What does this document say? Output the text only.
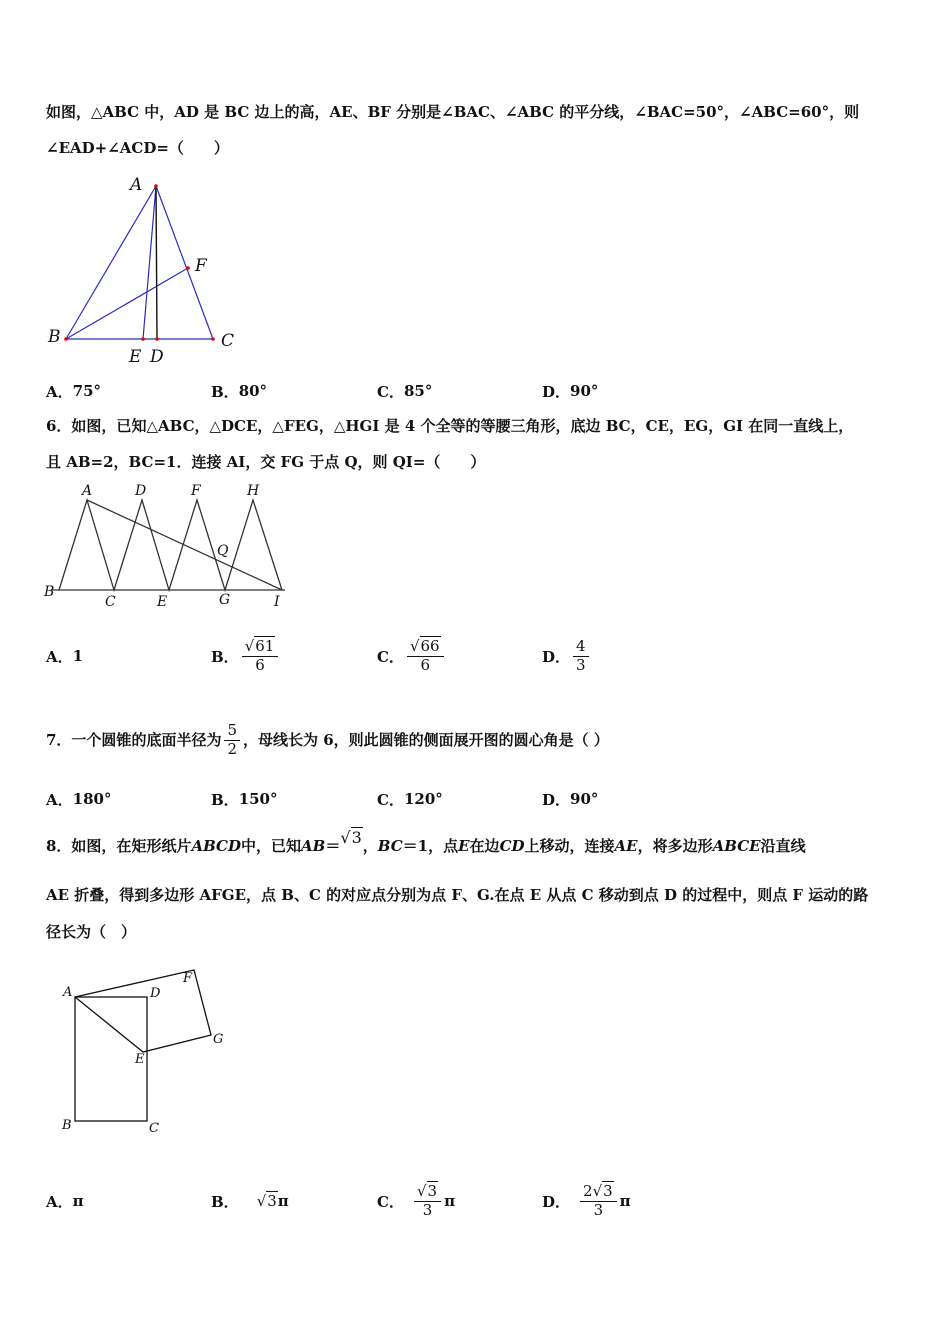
如图，△ABC 中，AD 是 BC 边上的高，AE、BF 分别是∠BAC、∠ABC 的平分线，∠BAC=50°，∠ABC=60°，则
∠EAD+∠ACD=（　　）
A
B	C
D
E
F
A． 75°	B． 80°	C． 85°	D． 90°
6．如图，已知△ABC，△DCE，△FEG，△HGI 是 4 个全等的等腰三角形，底边 BC，CE，EG，GI 在同一直线上，
且 AB=2，BC=1．连接 AI，交 FG 于点 Q，则 QI=（　　）
A	D	F	H
Q
B
C	E	G	I
A． 1	B． $\frac{√61}{6}$	C． $\frac{√66}{6}$	D． $\frac{4}{3}$
7．一个圆锥的底面半径为 $\frac{5}{2}$ ，母线长为 6，则此圆锥的侧面展开图的圆心角是（ ）
A． 180°	B． 150°	C． 120°	D． 90°
8．如图，在矩形纸片 ABCD 中，已知 AB ＝ √3 ， BC ＝1，点 E 在边 CD 上移动，连接 AE ，将多边形 ABCE 沿直线
AE 折叠，得到多边形 AFGE，点 B、C 的对应点分别为点 F、G.在点 E 从点 C 移动到点 D 的过程中，则点 F 运动的路
径长为（　）
A	D
F
G
E
B	C
A． π	B． √3 π	C． $\frac{√3}{3}$ π	D． $\frac{2√3}{3}$ π
